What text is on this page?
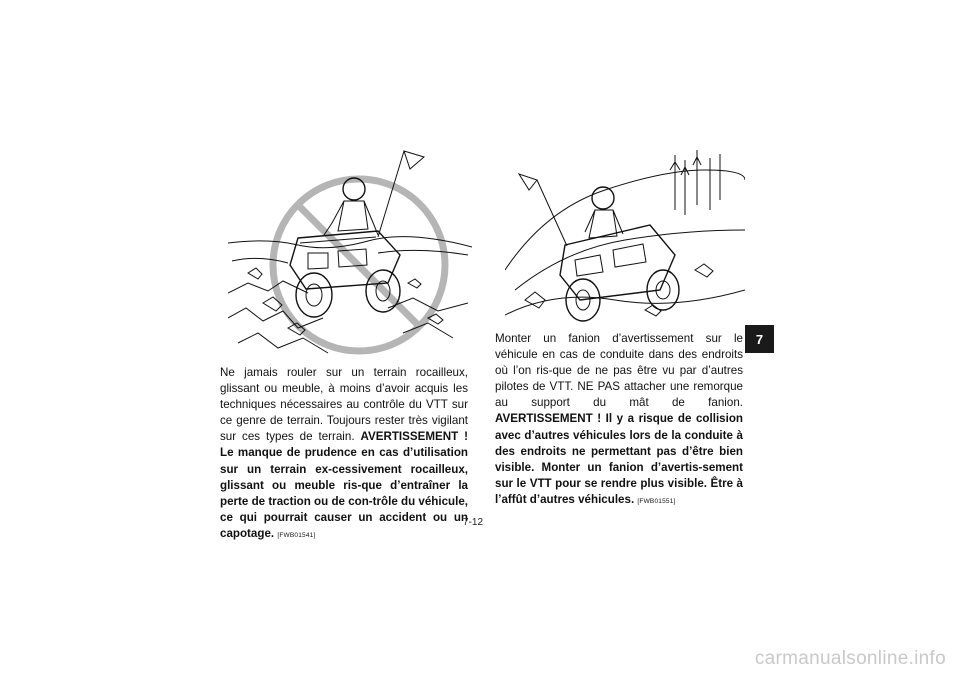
Ne jamais rouler sur un terrain rocailleux, glissant ou meuble, à moins d’avoir acquis les techniques nécessaires au contrôle du VTT sur ce genre de terrain. Toujours rester très vigilant sur ces types de terrain. AVERTISSEMENT ! Le manque de prudence en cas d’utilisation sur un terrain ex-cessivement rocailleux, glissant ou meuble ris-que d’entraîner la perte de traction ou de con-trôle du véhicule, ce qui pourrait causer un accident ou un capotage. [FWB01541]
Monter un fanion d’avertissement sur le véhicule en cas de conduite dans des endroits où l’on ris-que de ne pas être vu par d’autres pilotes de VTT. NE PAS attacher une remorque au support du mât de fanion. AVERTISSEMENT ! Il y a risque de collision avec d’autres véhicules lors de la conduite à des endroits ne permettant pas d’être bien visible. Monter un fanion d’avertis-sement sur le VTT pour se rendre plus visible. Être à l’affût d’autres véhicules. [FWB01551]
7
7-12
carmanualsonline.info
